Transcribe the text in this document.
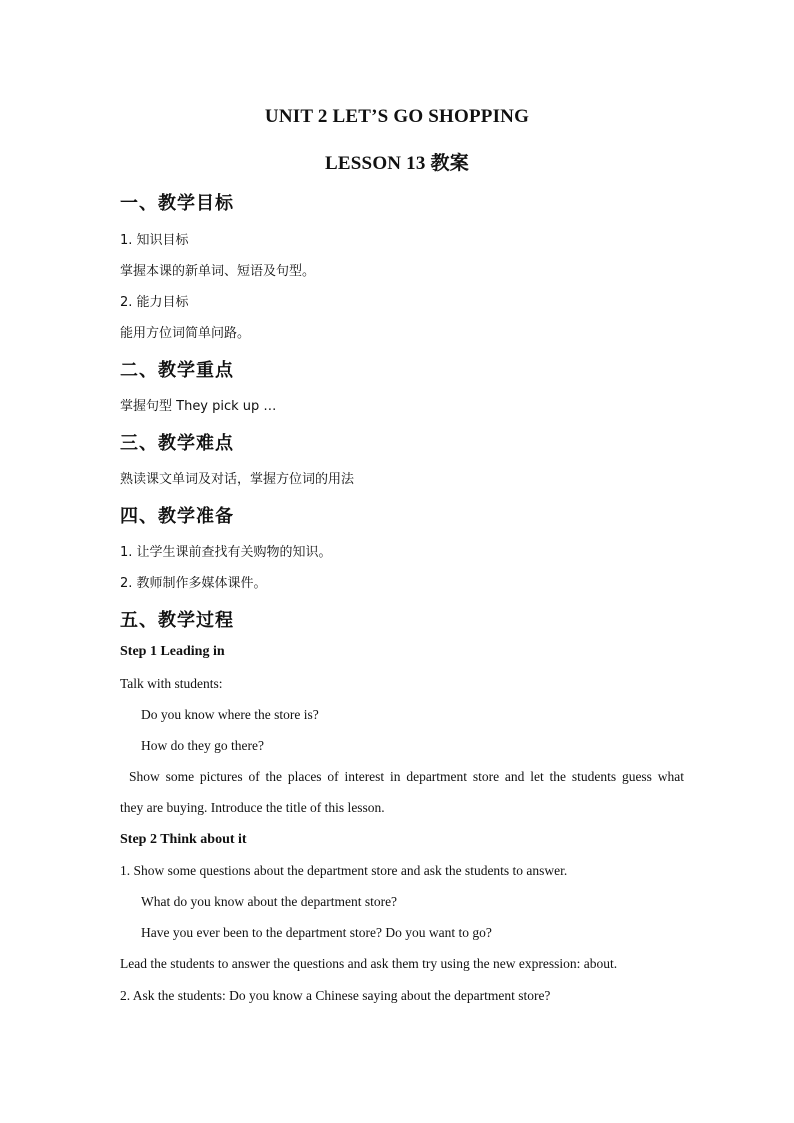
UNIT 2 LET’S GO SHOPPING
LESSON 13 教案
一、教学目标
1. 知识目标
掌握本课的新单词、短语及句型。
2. 能力目标
能用方位词简单问路。
二、教学重点
掌握句型 They pick up …
三、教学难点
熟读课文单词及对话，掌握方位词的用法
四、教学准备
1. 让学生课前查找有关购物的知识。
2. 教师制作多媒体课件。
五、教学过程
Step 1 Leading in
Talk with students:
Do you know where the store is?
How do they go there?
Show some pictures of the places of interest in department store and let the students guess what
they are buying. Introduce the title of this lesson.
Step 2 Think about it
1. Show some questions about the department store and ask the students to answer.
What do you know about the department store?
Have you ever been to the department store? Do you want to go?
Lead the students to answer the questions and ask them try using the new expression: about.
2. Ask the students: Do you know a Chinese saying about the department store?
